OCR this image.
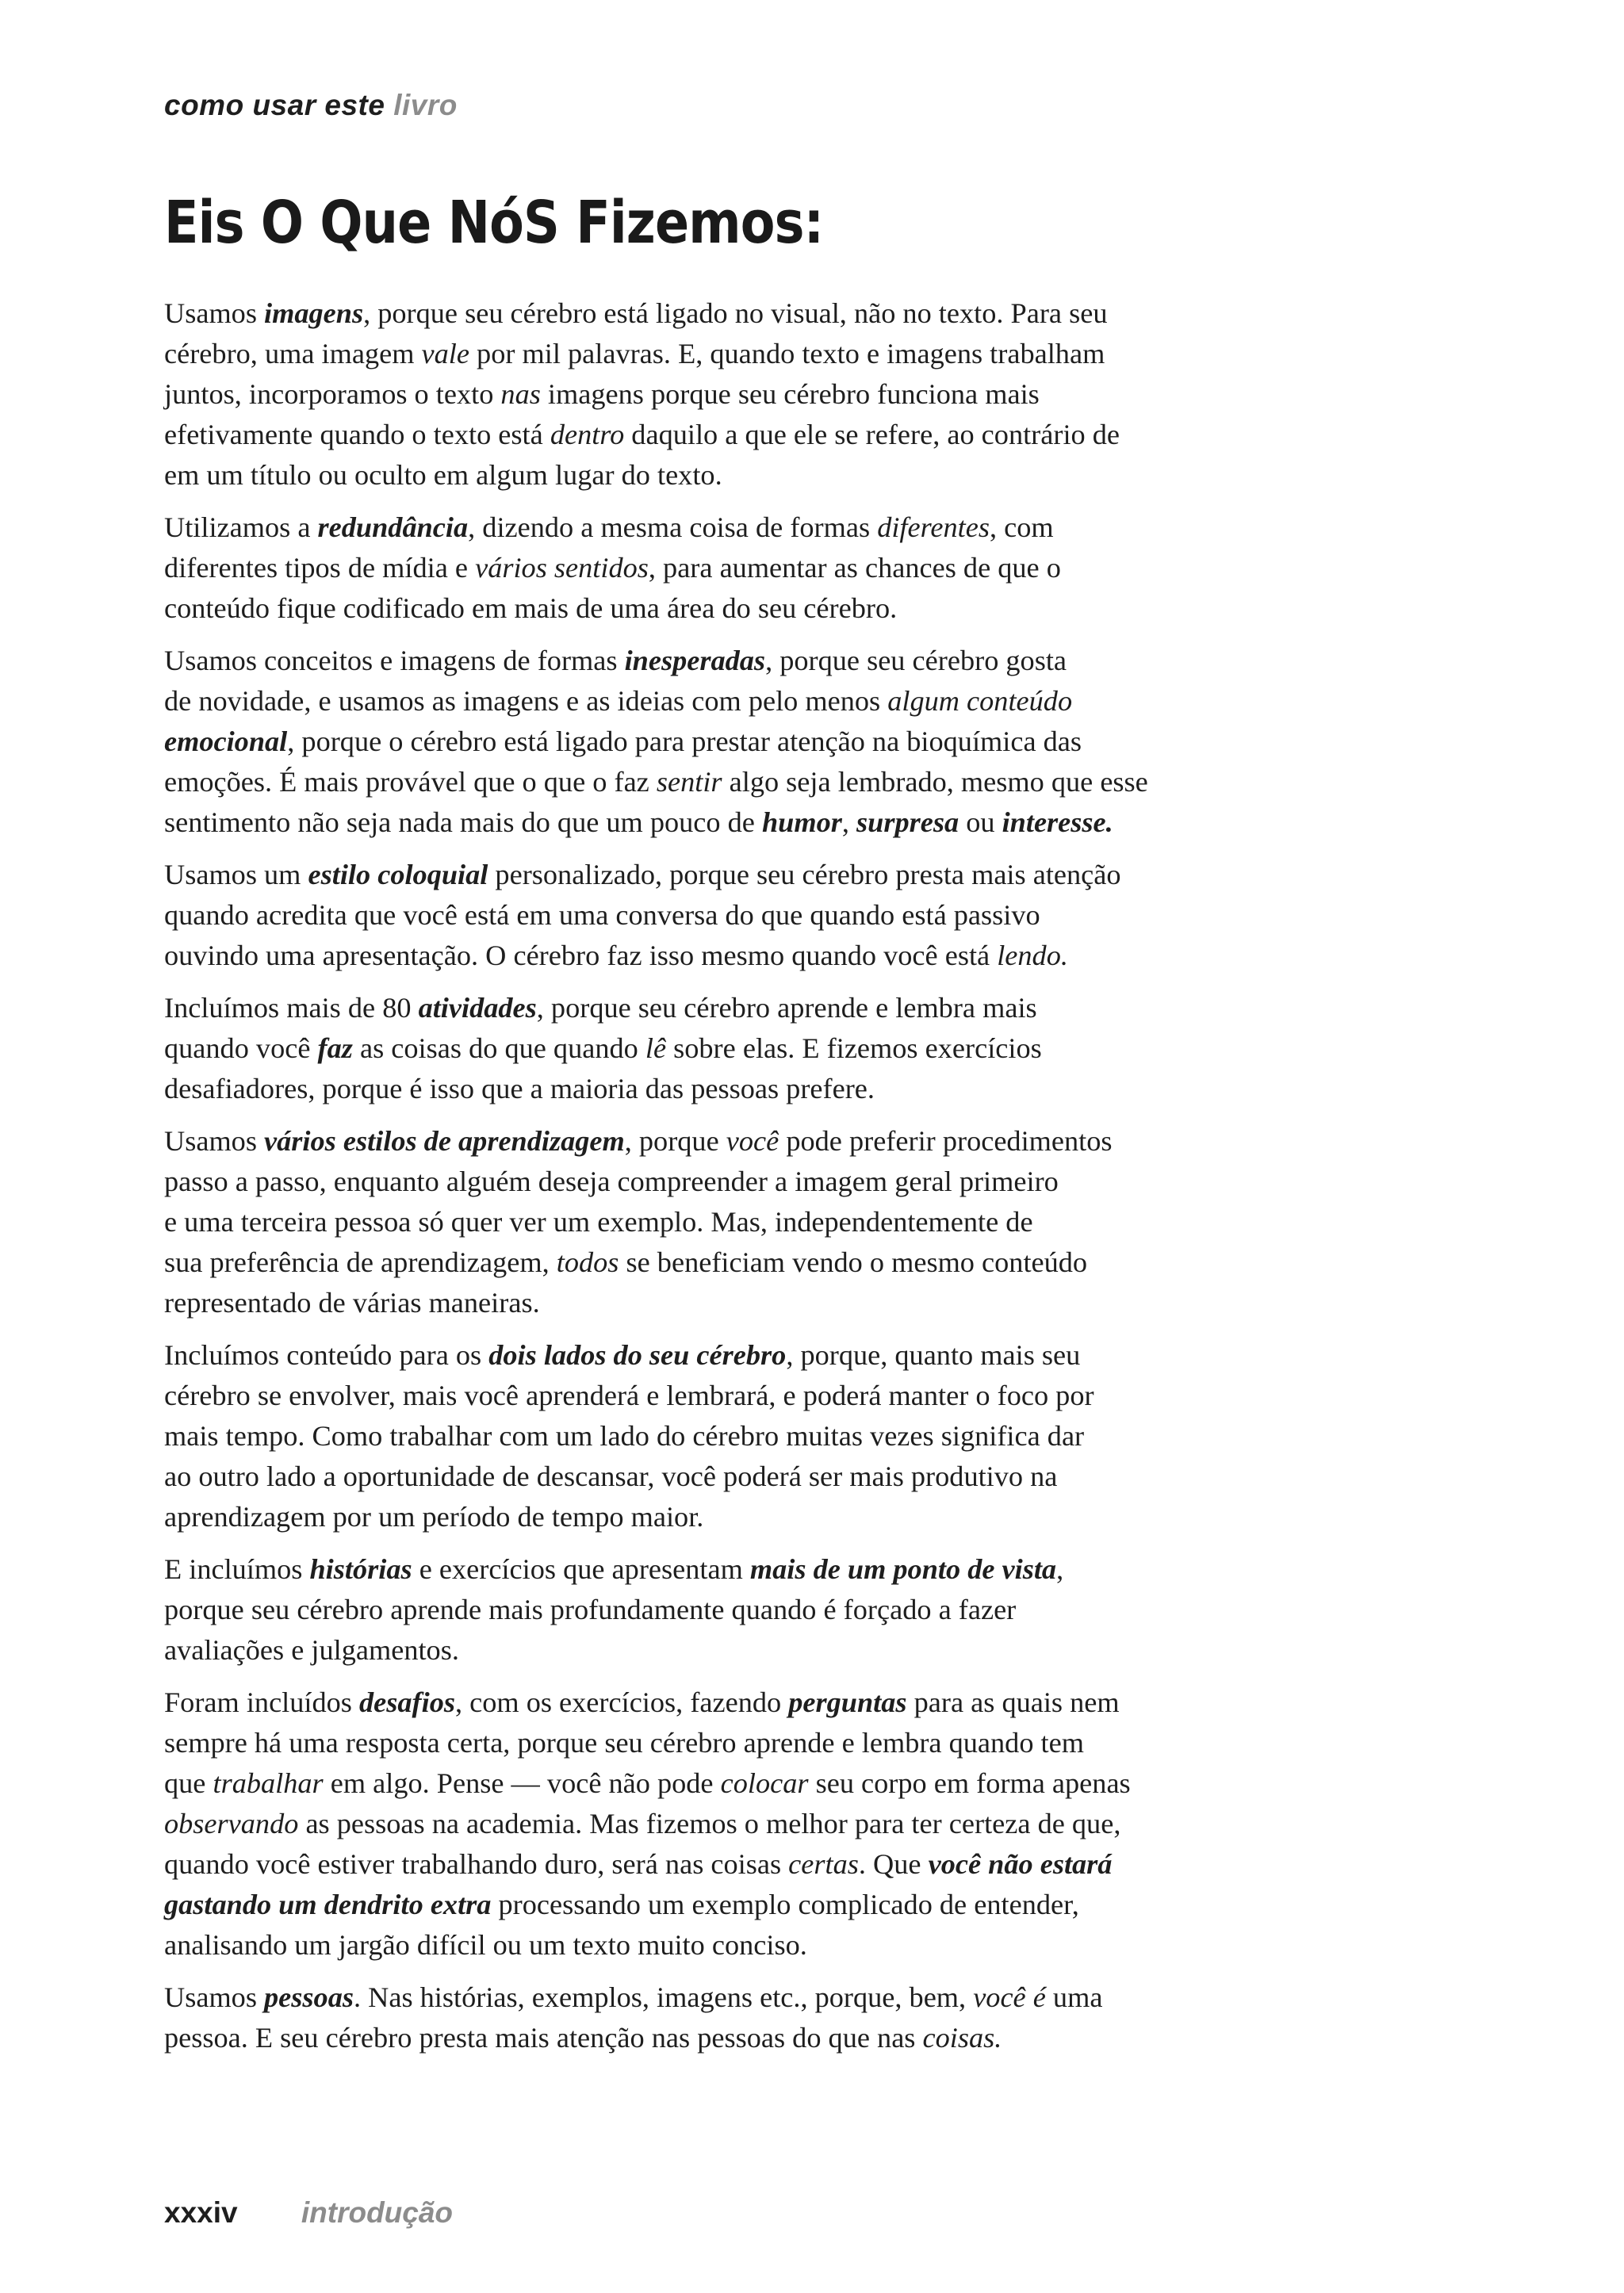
como usar este livro
Eis O Que NóS Fizemos:

Usamos imagens, porque seu cérebro está ligado no visual, não no texto. Para seu
cérebro, uma imagem vale por mil palavras. E, quando texto e imagens trabalham
juntos, incorporamos o texto nas imagens porque seu cérebro funciona mais
efetivamente quando o texto está dentro daquilo a que ele se refere, ao contrário de
em um título ou oculto em algum lugar do texto.

Utilizamos a redundância, dizendo a mesma coisa de formas diferentes, com
diferentes tipos de mídia e vários sentidos, para aumentar as chances de que o
conteúdo fique codificado em mais de uma área do seu cérebro.

Usamos conceitos e imagens de formas inesperadas, porque seu cérebro gosta
de novidade, e usamos as imagens e as ideias com pelo menos algum conteúdo
emocional, porque o cérebro está ligado para prestar atenção na bioquímica das
emoções. É mais provável que o que o faz sentir algo seja lembrado, mesmo que esse
sentimento não seja nada mais do que um pouco de humor, surpresa ou interesse.

Usamos um estilo coloquial personalizado, porque seu cérebro presta mais atenção
quando acredita que você está em uma conversa do que quando está passivo
ouvindo uma apresentação. O cérebro faz isso mesmo quando você está lendo.

Incluímos mais de 80 atividades, porque seu cérebro aprende e lembra mais
quando você faz as coisas do que quando lê sobre elas. E fizemos exercícios
desafiadores, porque é isso que a maioria das pessoas prefere.

Usamos vários estilos de aprendizagem, porque você pode preferir procedimentos
passo a passo, enquanto alguém deseja compreender a imagem geral primeiro
e uma terceira pessoa só quer ver um exemplo. Mas, independentemente de
sua preferência de aprendizagem, todos se beneficiam vendo o mesmo conteúdo
representado de várias maneiras.

Incluímos conteúdo para os dois lados do seu cérebro, porque, quanto mais seu
cérebro se envolver, mais você aprenderá e lembrará, e poderá manter o foco por
mais tempo. Como trabalhar com um lado do cérebro muitas vezes significa dar
ao outro lado a oportunidade de descansar, você poderá ser mais produtivo na
aprendizagem por um período de tempo maior.

E incluímos histórias e exercícios que apresentam mais de um ponto de vista,
porque seu cérebro aprende mais profundamente quando é forçado a fazer
avaliações e julgamentos.

Foram incluídos desafios, com os exercícios, fazendo perguntas para as quais nem
sempre há uma resposta certa, porque seu cérebro aprende e lembra quando tem
que trabalhar em algo. Pense — você não pode colocar seu corpo em forma apenas
observando as pessoas na academia. Mas fizemos o melhor para ter certeza de que,
quando você estiver trabalhando duro, será nas coisas certas. Que você não estará
gastando um dendrito extra processando um exemplo complicado de entender,
analisando um jargão difícil ou um texto muito conciso.

Usamos pessoas. Nas histórias, exemplos, imagens etc., porque, bem, você é uma
pessoa. E seu cérebro presta mais atenção nas pessoas do que nas coisas.

xxxiv introdução
